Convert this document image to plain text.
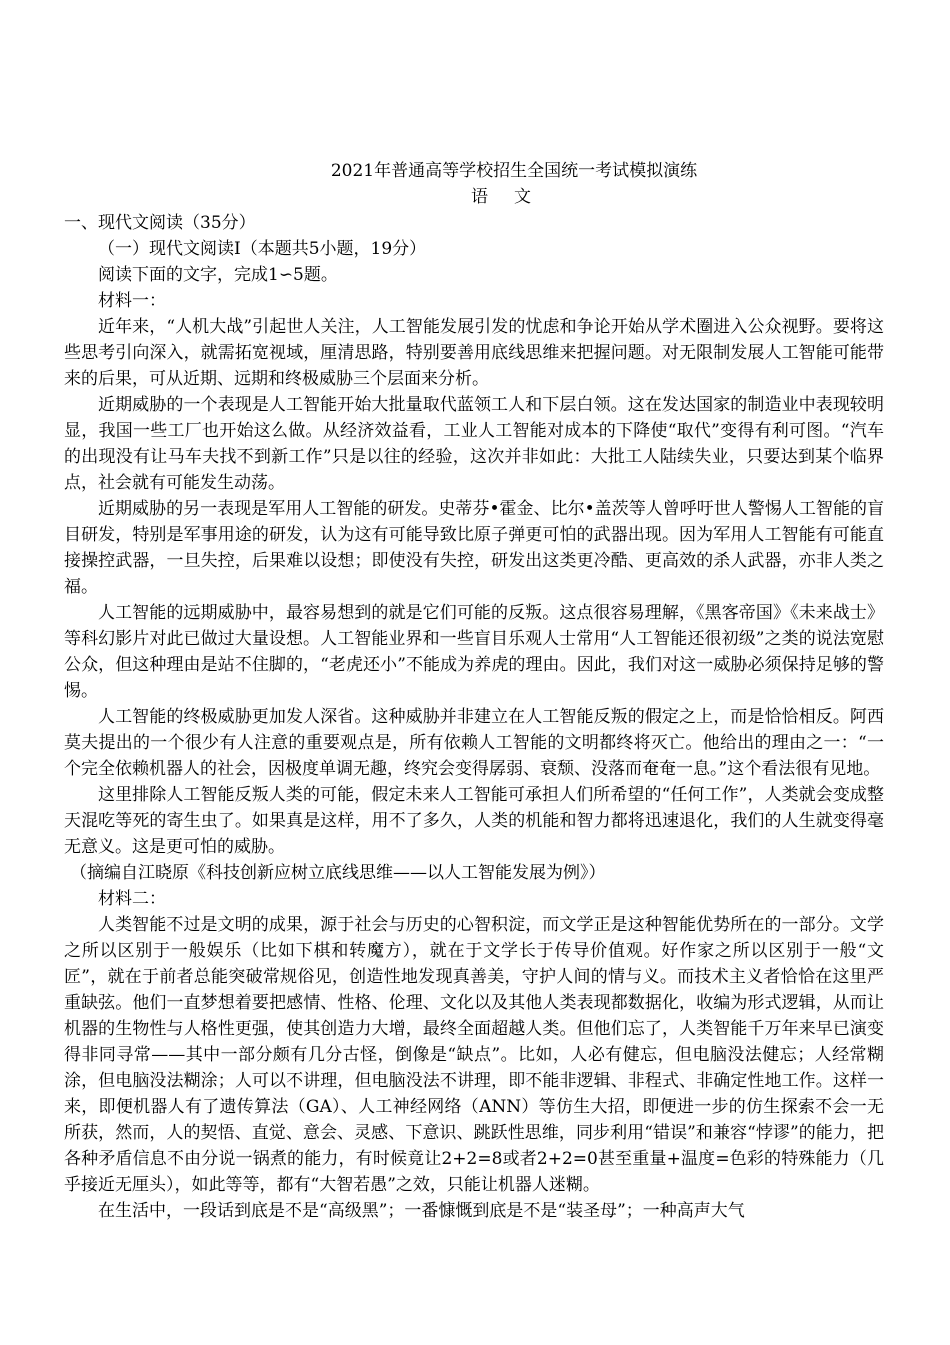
2021年普通高等学校招生全国统一考试模拟演练
语文
一、现代文阅读（35分）
（一）现代文阅读Ⅰ（本题共5小题，19分）
阅读下面的文字，完成1∽5题。
材料一：

近年来，“人机大战”引起世人关注，人工智能发展引发的忧虑和争论开始从学术圈进入公众视野。要将这些思考引向深入，就需拓宽视域，厘清思路，特别要善用底线思维来把握问题。对无限制发展人工智能可能带来的后果，可从近期、远期和终极威胁三个层面来分析。

近期威胁的一个表现是人工智能开始大批量取代蓝领工人和下层白领。这在发达国家的制造业中表现较明显，我国一些工厂也开始这么做。从经济效益看，工业人工智能对成本的下降使“取代”变得有利可图。“汽车的出现没有让马车夫找不到新工作”只是以往的经验，这次并非如此：大批工人陆续失业，只要达到某个临界点，社会就有可能发生动荡。

近期威胁的另一表现是军用人工智能的研发。史蒂芬•霍金、比尔•盖茨等人曾呼吁世人警惕人工智能的盲目研发，特别是军事用途的研发，认为这有可能导致比原子弹更可怕的武器出现。因为军用人工智能有可能直接操控武器，一旦失控，后果难以设想；即使没有失控，研发出这类更冷酷、更高效的杀人武器，亦非人类之福。

人工智能的远期威胁中，最容易想到的就是它们可能的反叛。这点很容易理解，《黑客帝国》《未来战士》等科幻影片对此已做过大量设想。人工智能业界和一些盲目乐观人士常用“人工智能还很初级”之类的说法宽慰公众，但这种理由是站不住脚的，“老虎还小”不能成为养虎的理由。因此，我们对这一威胁必须保持足够的警惕。

人工智能的终极威胁更加发人深省。这种威胁并非建立在人工智能反叛的假定之上，而是恰恰相反。阿西莫夫提出的一个很少有人注意的重要观点是，所有依赖人工智能的文明都终将灭亡。他给出的理由之一：“一个完全依赖机器人的社会，因极度单调无趣，终究会变得孱弱、衰颓、没落而奄奄一息。”这个看法很有见地。

这里排除人工智能反叛人类的可能，假定未来人工智能可承担人们所希望的“任何工作”，人类就会变成整天混吃等死的寄生虫了。如果真是这样，用不了多久，人类的机能和智力都将迅速退化，我们的人生就变得毫无意义。这是更可怕的威胁。

（摘编自江晓原《科技创新应树立底线思维——以人工智能发展为例》）

材料二：

人类智能不过是文明的成果，源于社会与历史的心智积淀，而文学正是这种智能优势所在的一部分。文学之所以区别于一般娱乐（比如下棋和转魔方），就在于文学长于传导价值观。好作家之所以区别于一般“文匠”，就在于前者总能突破常规俗见，创造性地发现真善美，守护人间的情与义。而技术主义者恰恰在这里严重缺弦。他们一直梦想着要把感情、性格、伦理、文化以及其他人类表现都数据化，收编为形式逻辑，从而让机器的生物性与人格性更强，使其创造力大增，最终全面超越人类。但他们忘了，人类智能千万年来早已演变得非同寻常——其中一部分颇有几分古怪，倒像是“缺点”。比如，人必有健忘，但电脑没法健忘；人经常糊涂，但电脑没法糊涂；人可以不讲理，但电脑没法不讲理，即不能非逻辑、非程式、非确定性地工作。这样一来，即便机器人有了遗传算法（GA）、人工神经网络（ANN）等仿生大招，即便进一步的仿生探索不会一无所获，然而，人的契悟、直觉、意会、灵感、下意识、跳跃性思维，同步利用“错误”和兼容“悖谬”的能力，把各种矛盾信息不由分说一锅煮的能力，有时候竟让2+2=8或者2+2=0甚至重量+温度=色彩的特殊能力（几乎接近无厘头），如此等等，都有“大智若愚”之效，只能让机器人迷糊。

在生活中，一段话到底是不是“高级黑”；一番慷慨到底是不是“装圣母”；一种高声大气
